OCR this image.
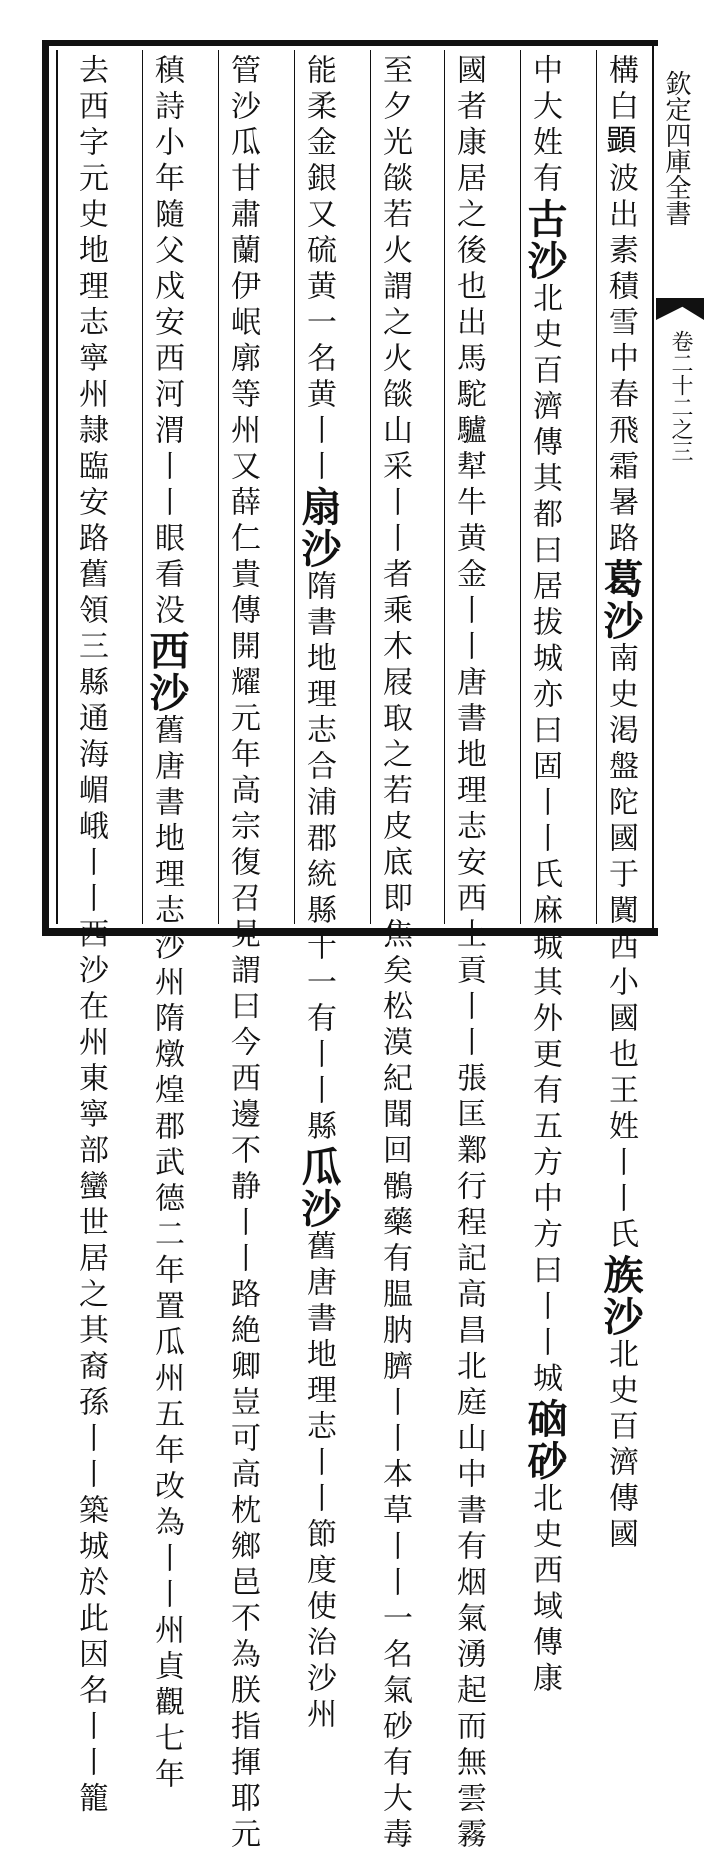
欽定四庫全書
卷二十二之三
構白𩔰波出素積雪中春飛霜暑路葛沙南史渇盤陀國于闐西小國也王姓丨丨氏族沙北史百濟傳國
中大姓有古沙北史百濟傳其都曰居拔城亦曰固丨丨氏麻城其外更有五方中方曰丨丨城硇砂北史西域傳康
國者康居之後也出馬駝驢犎牛黄金丨丨唐書地理志安西土貢丨丨張匡鄴行程記高昌北庭山中書有烟氣湧起而無雲霧
至夕光燄若火謂之火燄山采丨丨者乘木屐取之若皮底即焦矣松漠紀聞回鶻藥有腽肭臍丨丨本草丨丨一名氣砂有大毒
能柔金銀又硫黄一名黄丨丨扇沙隋書地理志合浦郡統縣十一有丨丨縣瓜沙舊唐書地理志丨丨節度使治沙州
管沙瓜甘肅蘭伊岷廓等州又薛仁貴傳開耀元年高宗復召見謂曰今西邊不静丨丨路絶卿豈可高枕鄉邑不為朕指揮耶元
稹詩小年隨父戍安西河渭丨丨眼看没西沙舊唐書地理志沙州隋燉煌郡武德二年置瓜州五年改為丨丨州貞觀七年
去西字元史地理志寧州隷臨安路舊領三縣通海嵋峨丨丨西沙在州東寧部蠻世居之其裔孫丨丨築城於此因名丨丨籠
